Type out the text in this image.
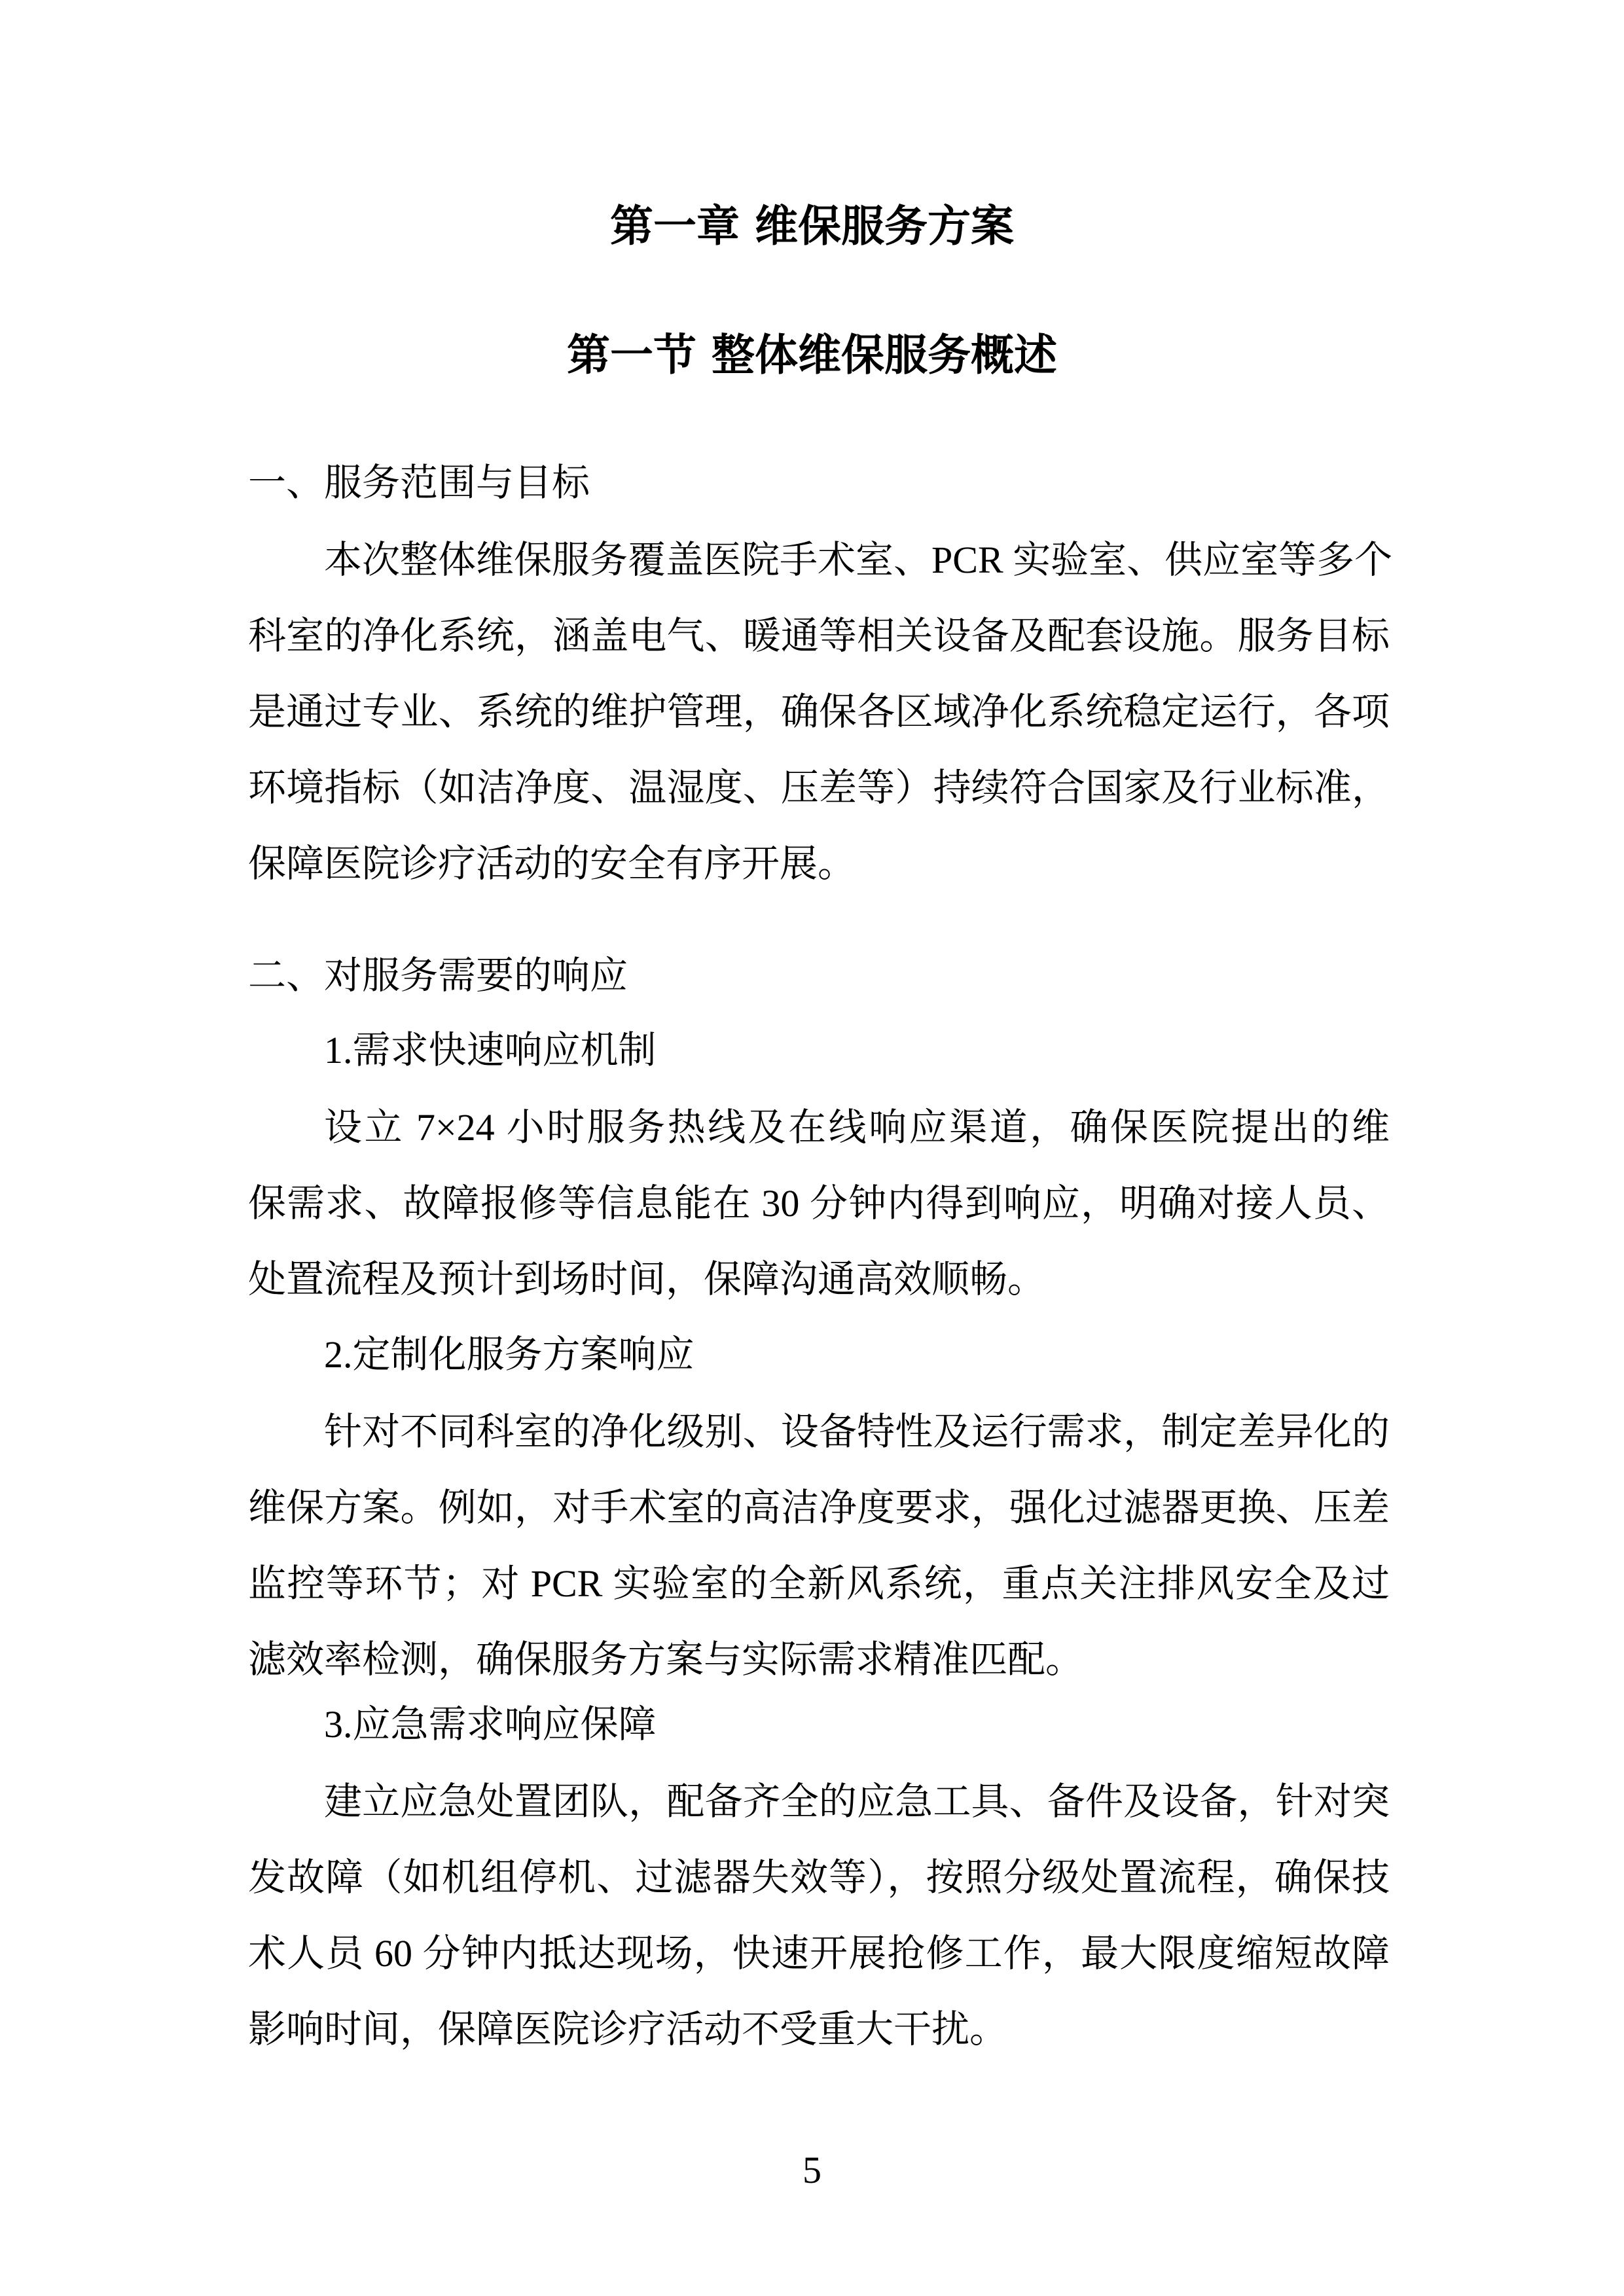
第一章 维保服务方案
第一节 整体维保服务概述
一、服务范围与目标
本次整体维保服务覆盖医院手术室、PCR 实验室、供应室等多个
科室的净化系统，涵盖电气、暖通等相关设备及配套设施。服务目标
是通过专业、系统的维护管理，确保各区域净化系统稳定运行，各项
环境指标（如洁净度、温湿度、压差等）持续符合国家及行业标准，
保障医院诊疗活动的安全有序开展。
二、对服务需要的响应
1.需求快速响应机制
设立 7×24 小时服务热线及在线响应渠道，确保医院提出的维
保需求、故障报修等信息能在 30 分钟内得到响应，明确对接人员、
处置流程及预计到场时间，保障沟通高效顺畅。
2.定制化服务方案响应
针对不同科室的净化级别、设备特性及运行需求，制定差异化的
维保方案。例如，对手术室的高洁净度要求，强化过滤器更换、压差
监控等环节；对 PCR 实验室的全新风系统，重点关注排风安全及过
滤效率检测，确保服务方案与实际需求精准匹配。
3.应急需求响应保障
建立应急处置团队，配备齐全的应急工具、备件及设备，针对突
发故障（如机组停机、过滤器失效等），按照分级处置流程，确保技
术人员 60 分钟内抵达现场，快速开展抢修工作，最大限度缩短故障
影响时间，保障医院诊疗活动不受重大干扰。
5
